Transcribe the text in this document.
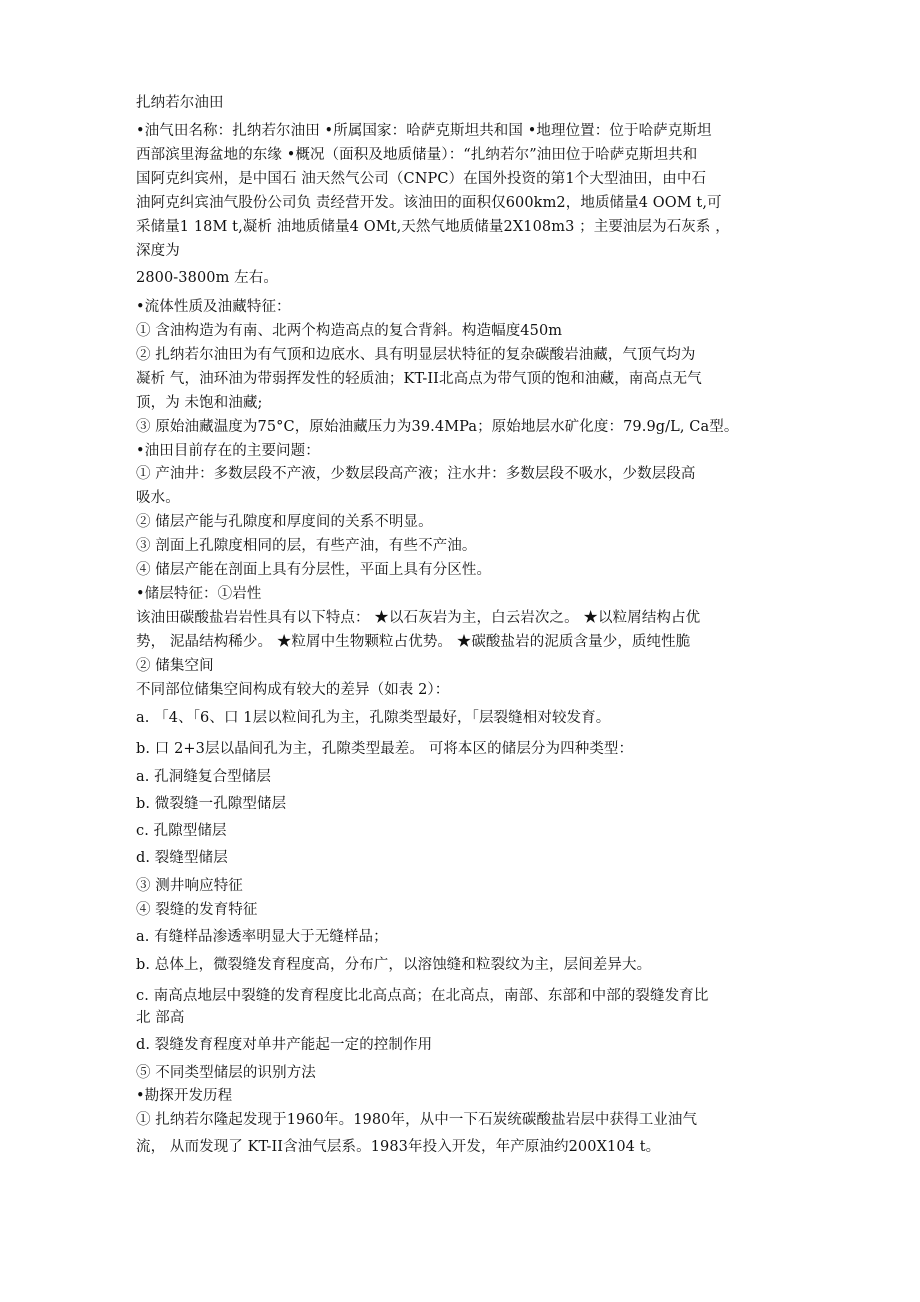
扎纳若尔油田
•油气田名称：扎纳若尔油田 •所属国家：哈萨克斯坦共和国 •地理位置：位于哈萨克斯坦
西部滨里海盆地的东缘 •概况（面积及地质储量）：“扎纳若尔”油田位于哈萨克斯坦共和
国阿克纠宾州，是中国石 油天然气公司（CNPC）在国外投资的第1个大型油田，由中石
油阿克纠宾油气股份公司负 责经营开发。该油田的面积仅600km2，地质储量4 OOM t,可
采储量1 18M t,凝析 油地质储量4 OMt,天然气地质储量2X108m3 ；主要油层为石灰系 ，
深度为
2800-3800m 左右。
•流体性质及油藏特征：
① 含油构造为有南、北两个构造高点的复合背斜。构造幅度450m
② 扎纳若尔油田为有气顶和边底水、具有明显层状特征的复杂碳酸岩油藏，气顶气均为
凝析 气，油环油为带弱挥发性的轻质油；KT-II北高点为带气顶的饱和油藏，南高点无气
顶，为 未饱和油藏;
③ 原始油藏温度为75°C，原始油藏压力为39.4MPa；原始地层水矿化度：79.9g/L, Ca型。
•油田目前存在的主要问题：
① 产油井：多数层段不产液，少数层段高产液；注水井：多数层段不吸水，少数层段高
吸水。
② 储层产能与孔隙度和厚度间的关系不明显。
③ 剖面上孔隙度相同的层，有些产油，有些不产油。
④ 储层产能在剖面上具有分层性，平面上具有分区性。
•储层特征：①岩性
该油田碳酸盐岩岩性具有以下特点： ★以石灰岩为主，白云岩次之。 ★以粒屑结构占优
势， 泥晶结构稀少。 ★粒屑中生物颗粒占优势。 ★碳酸盐岩的泥质含量少，质纯性脆
② 储集空间
不同部位储集空间构成有较大的差异（如表 2）：
a. 「4、「6、口 1层以粒间孔为主，孔隙类型最好，「层裂缝相对较发育。
b. 口 2+3层以晶间孔为主，孔隙类型最差。 可将本区的储层分为四种类型：
a. 孔洞缝复合型储层
b. 微裂缝一孔隙型储层
c. 孔隙型储层
d. 裂缝型储层
③ 测井响应特征
④ 裂缝的发育特征
a. 有缝样品渗透率明显大于无缝样品；
b. 总体上，微裂缝发育程度高，分布广，以溶蚀缝和粒裂纹为主，层间差异大。
c. 南高点地层中裂缝的发育程度比北高点高；在北高点，南部、东部和中部的裂缝发育比
北 部高
d. 裂缝发育程度对单井产能起一定的控制作用
⑤ 不同类型储层的识别方法
•勘探开发历程
① 扎纳若尔隆起发现于1960年。1980年，从中一下石炭统碳酸盐岩层中获得工业油气
流， 从而发现了 KT-II含油气层系。1983年投入开发，年产原油约200X104 t。
